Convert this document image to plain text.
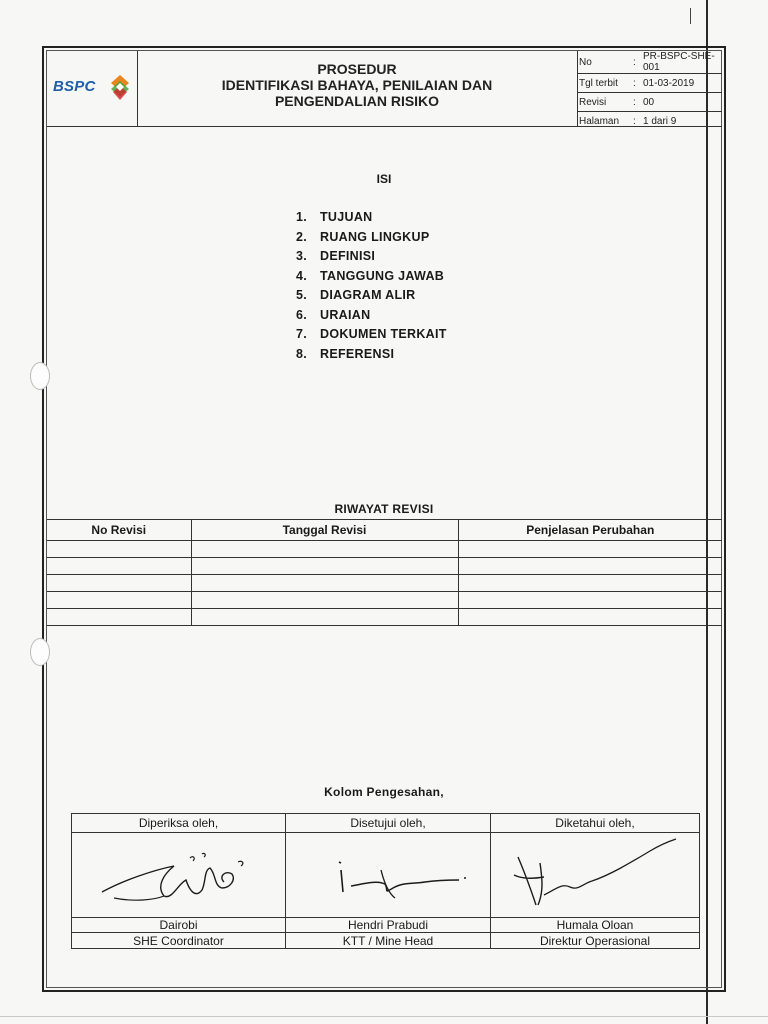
BSPC
PROSEDUR
IDENTIFIKASI BAHAYA, PENILAIAN DAN
PENGENDALIAN RISIKO
No	:	PR-BSPC-SHE-001
Tgl terbit	:	01-03-2019
Revisi	:	00
Halaman	:	1 dari 9
ISI
1. TUJUAN
2. RUANG LINGKUP
3. DEFINISI
4. TANGGUNG JAWAB
5. DIAGRAM ALIR
6. URAIAN
7. DOKUMEN TERKAIT
8. REFERENSI
RIWAYAT REVISI
No Revisi	Tanggal Revisi	Penjelasan Perubahan

Kolom Pengesahan,
Diperiksa oleh,	Disetujui oleh,	Diketahui oleh,

Dairobi	Hendri Prabudi	Humala Oloan
SHE Coordinator	KTT / Mine Head	Direktur Operasional
